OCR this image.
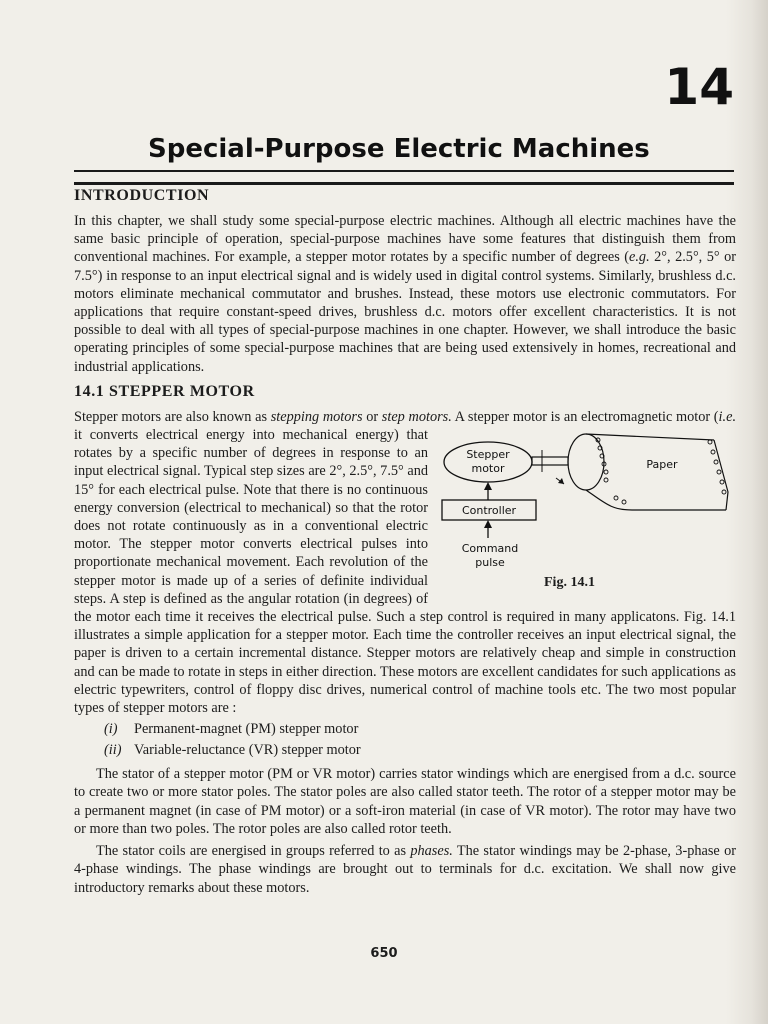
14
Special-Purpose Electric Machines
INTRODUCTION

In this chapter, we shall study some special-purpose electric machines. Although all electric machines have the same basic principle of operation, special-purpose machines have some features that distinguish them from conventional machines. For example, a stepper motor rotates by a specific number of degrees (e.g. 2°, 2.5°, 5° or 7.5°) in response to an input electrical signal and is widely used in digital control systems. Similarly, brushless d.c. motors eliminate mechanical commutator and brushes. Instead, these motors use electronic commutators. For applications that require constant-speed drives, brushless d.c. motors offer excellent characteristics. It is not possible to deal with all types of special-purpose machines in one chapter. However, we shall introduce the basic operating principles of some special-purpose machines that are being used extensively in homes, recreational and industrial applications.

14.1 STEPPER MOTOR

Stepper motors are also known as stepping motors or step motors. A stepper motor is an electromagnetic motor (i.e.
Stepper
motor	Paper
Controller
Command
pulse
Fig. 14.1
it converts electrical energy into mechanical energy) that rotates by a specific number of degrees in response to an input electrical signal. Typical step sizes are 2°, 2.5°, 7.5° and 15° for each electrical pulse. Note that there is no continuous energy conversion (electrical to mechanical) so that the rotor does not rotate continuously as in a conventional electric motor. The stepper motor converts electrical pulses into proportionate mechanical movement. Each revolution of the stepper motor is made up of a series of definite individual steps. A step is defined as the angular rotation (in degrees) of the motor each time it receives the electrical pulse. Such a step control is required in many applicatons. Fig. 14.1 illustrates a simple application for a stepper motor. Each time the controller receives an input electrical signal, the paper is driven to a certain incremental distance. Stepper motors are relatively cheap and simple in construction and can be made to rotate in steps in either direction. These motors are excellent candidates for such applications as electric typewriters, control of floppy disc drives, numerical control of machine tools etc. The two most popular types of stepper motors are :

(i) Permanent-magnet (PM) stepper motor
(ii) Variable-reluctance (VR) stepper motor

The stator of a stepper motor (PM or VR motor) carries stator windings which are energised from a d.c. source to create two or more stator poles. The stator poles are also called stator teeth. The rotor of a stepper motor may be a permanent magnet (in case of PM motor) or a soft-iron material (in case of VR motor). The rotor may have two or more than two poles. The rotor poles are also called rotor teeth.

The stator coils are energised in groups referred to as phases. The stator windings may be 2-phase, 3-phase or 4-phase windings. The phase windings are brought out to terminals for d.c. excitation. We shall now give introductory remarks about these motors.

650
